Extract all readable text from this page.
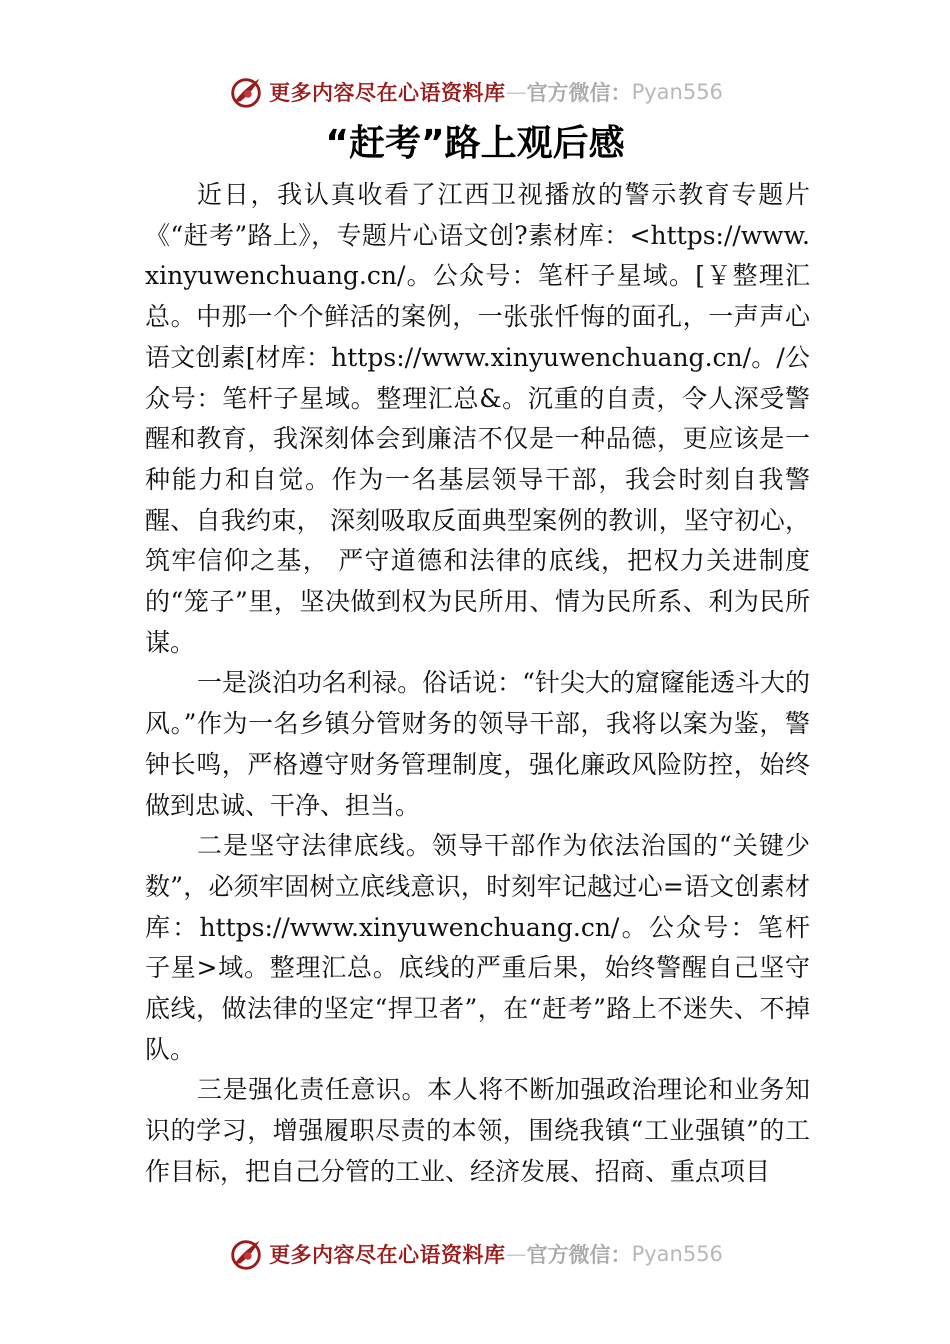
更多内容尽在心语资料库 — 官方微信： Pyan556
“赶考”路上观后感

近日，我认真收看了江西卫视播放的警示教育专题片《“赶考”路上》，专题片心语文创?素材库：<https://www.xinyuwenchuang.cn/。公众号：笔杆子星域。[￥整理汇总。中那一个个鲜活的案例，一张张忏悔的面孔，一声声心语文创素[材库：https://www.xinyuwenchuang.cn/。/公众号：笔杆子星域。整理汇总&。沉重的自责，令人深受警醒和教育，我深刻体会到廉洁不仅是一种品德，更应该是一种能力和自觉。作为一名基层领导干部，我会时刻自我警醒、自我约束， 深刻吸取反面典型案例的教训，坚守初心，筑牢信仰之基， 严守道德和法律的底线，把权力关进制度的“笼子”里，坚决做到权为民所用、情为民所系、利为民所谋。

一是淡泊功名利禄。俗话说：“针尖大的窟窿能透斗大的风。”作为一名乡镇分管财务的领导干部，我将以案为鉴，警钟长鸣，严格遵守财务管理制度，强化廉政风险防控，始终做到忠诚、干净、担当。

二是坚守法律底线。领导干部作为依法治国的“关键少数”，必须牢固树立底线意识，时刻牢记越过心=语文创素材库：https://www.xinyuwenchuang.cn/。公众号：笔杆子星>域。整理汇总。底线的严重后果，始终警醒自己坚守底线，做法律的坚定“捍卫者”，在“赶考”路上不迷失、不掉队。

三是强化责任意识。本人将不断加强政治理论和业务知识的学习，增强履职尽责的本领，围绕我镇“工业强镇”的工作目标，把自己分管的工业、经济发展、招商、重点项目

更多内容尽在心语资料库 — 官方微信： Pyan556
